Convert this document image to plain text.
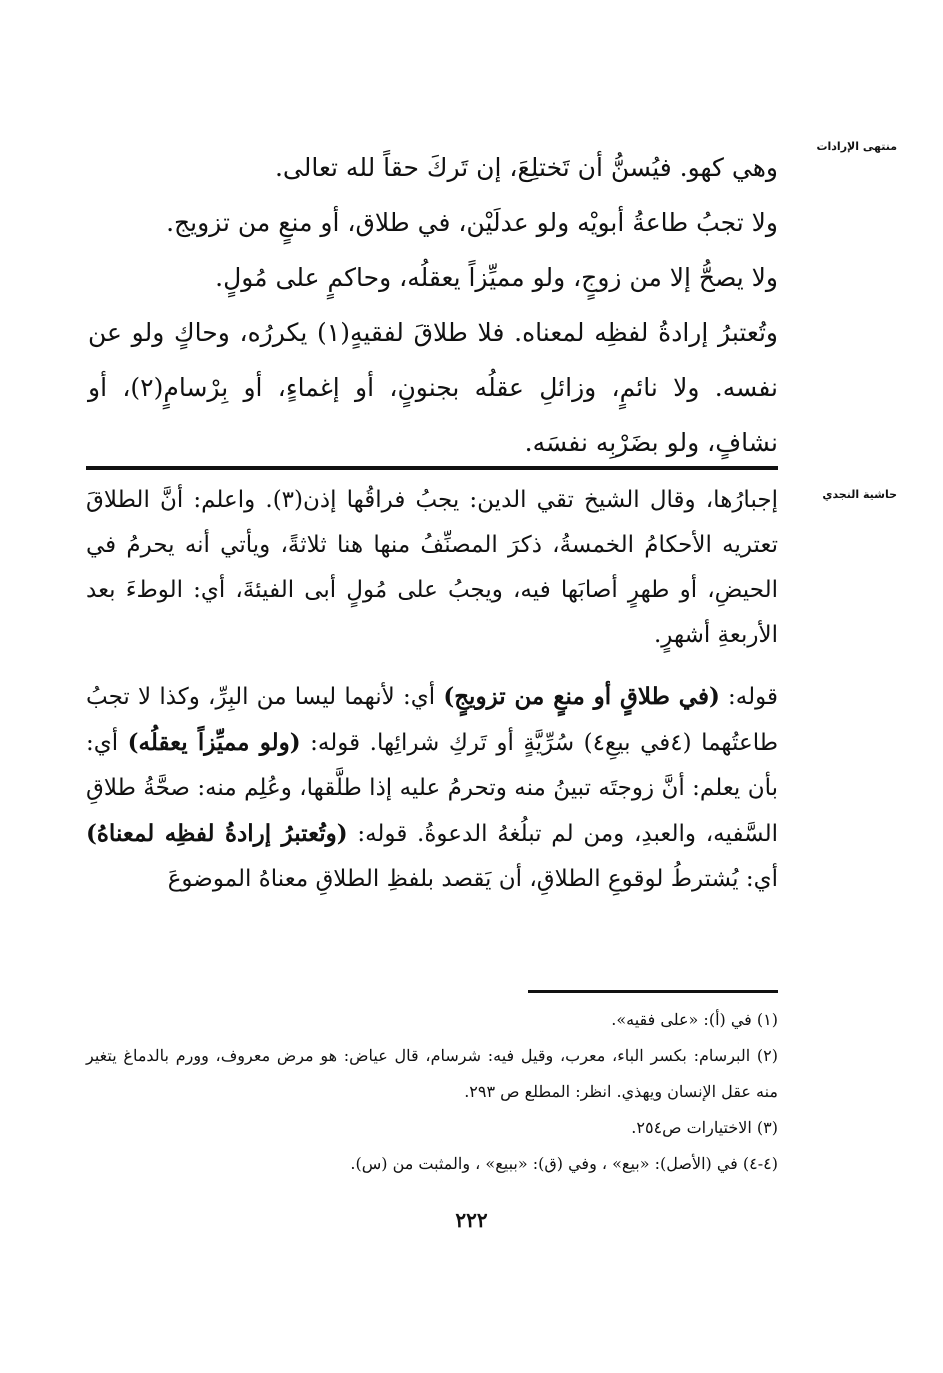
منتهى الإرادات
حاشية النجدي

وهي كهو. فيُسنُّ أن تَختلِعَ، إن تَركَ حقاً لله تعالى.

ولا تجبُ طاعةُ أبويْه ولو عدلَيْن، في طلاق، أو منعٍ من تزويج.

ولا يصحُّ إلا من زوجٍ، ولو مميِّزاً يعقلُه، وحاكمٍ على مُولٍ.

وتُعتبرُ إرادةُ لفظِه لمعناه. فلا طلاقَ لفقيهٍ(١) يكررُه، وحاكٍ ولو عن نفسه. ولا نائمٍ، وزائلِ عقلُه بجنونٍ، أو إغماءٍ، أو بِرْسامٍ(٢)، أو نشافٍ، ولو بضَرْبِه نفسَه.

إجبارُها، وقال الشيخ تقي الدين: يجبُ فراقُها إذن(٣). واعلم: أنَّ الطلاقَ تعتريه الأحكامُ الخمسةُ، ذكرَ المصنِّفُ منها هنا ثلاثةً، ويأتي أنه يحرمُ في الحيضِ، أو طهرٍ أصابَها فيه، ويجبُ على مُولٍ أبى الفيئةَ، أي: الوطءَ بعد الأربعةِ أشهرٍ.

قوله: (في طلاقٍ أو منعٍ من تزويجٍ) أي: لأنهما ليسا من البِرِّ، وكذا لا تجبُ طاعتُهما (٤في بيعِ٤) سُرِّيَّةٍ أو تَركِ شرائِها. قوله: (ولو مميِّزاً يعقلُه) أي: بأن يعلم: أنَّ زوجتَه تبينُ منه وتحرمُ عليه إذا طلَّقها، وعُلِم منه: صحَّةُ طلاقِ السَّفيه، والعبدِ، ومن لم تبلُغهُ الدعوةُ. قوله: (وتُعتبرُ إرادةُ لفظِه لمعناهُ) أي: يُشترطُ لوقوعِ الطلاقِ، أن يَقصد بلفظِ الطلاقِ معناهُ الموضوعَ

(١) في (أ): «على فقيه».

(٢) البرسام: بكسر الباء، معرب، وقيل فيه: شرسام، قال عياض: هو مرض معروف، وورم بالدماغ يتغير منه عقل الإنسان ويهذي. انظر: المطلع ص ٢٩٣.

(٣) الاختيارات ص٢٥٤.

(٤-٤) في (الأصل): «بيع» ، وفي (ق): «ببيع» ، والمثبت من (س).

٢٢٢
